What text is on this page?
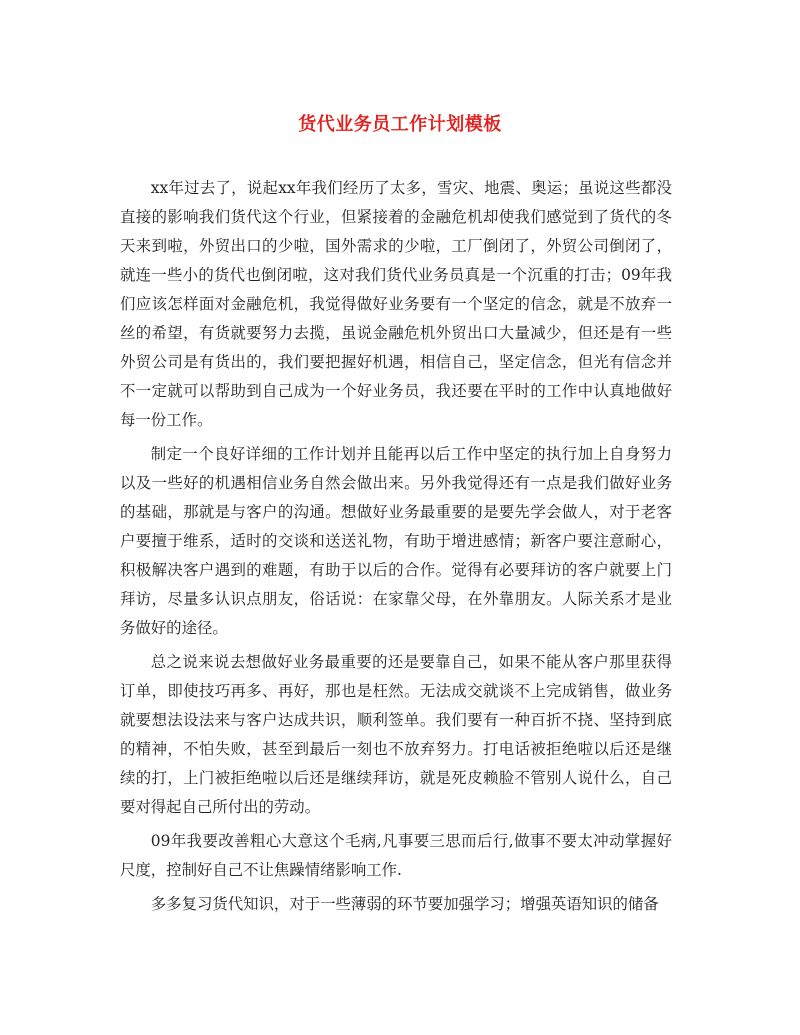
货代业务员工作计划模板

xx年过去了，说起xx年我们经历了太多，雪灾、地震、奥运；虽说这些都没直接的影响我们货代这个行业，但紧接着的金融危机却使我们感觉到了货代的冬天来到啦，外贸出口的少啦，国外需求的少啦，工厂倒闭了，外贸公司倒闭了，就连一些小的货代也倒闭啦，这对我们货代业务员真是一个沉重的打击；09年我们应该怎样面对金融危机，我觉得做好业务要有一个坚定的信念，就是不放弃一丝的希望，有货就要努力去揽，虽说金融危机外贸出口大量减少，但还是有一些外贸公司是有货出的，我们要把握好机遇，相信自己，坚定信念，但光有信念并不一定就可以帮助到自己成为一个好业务员，我还要在平时的工作中认真地做好每一份工作。

制定一个良好详细的工作计划并且能再以后工作中坚定的执行加上自身努力以及一些好的机遇相信业务自然会做出来。另外我觉得还有一点是我们做好业务的基础，那就是与客户的沟通。想做好业务最重要的是要先学会做人，对于老客户要擅于维系，适时的交谈和送送礼物，有助于增进感情；新客户要注意耐心，积极解决客户遇到的难题，有助于以后的合作。觉得有必要拜访的客户就要上门拜访，尽量多认识点朋友，俗话说：在家靠父母，在外靠朋友。人际关系才是业务做好的途径。

总之说来说去想做好业务最重要的还是要靠自己，如果不能从客户那里获得订单，即使技巧再多、再好，那也是枉然。无法成交就谈不上完成销售，做业务就要想法设法来与客户达成共识，顺利签单。我们要有一种百折不挠、坚持到底的精神，不怕失败，甚至到最后一刻也不放弃努力。打电话被拒绝啦以后还是继续的打，上门被拒绝啦以后还是继续拜访，就是死皮赖脸不管别人说什么，自己要对得起自己所付出的劳动。

09年我要改善粗心大意这个毛病,凡事要三思而后行,做事不要太冲动掌握好尺度，控制好自己不让焦躁情绪影响工作.

多多复习货代知识，对于一些薄弱的环节要加强学习；增强英语知识的储备
